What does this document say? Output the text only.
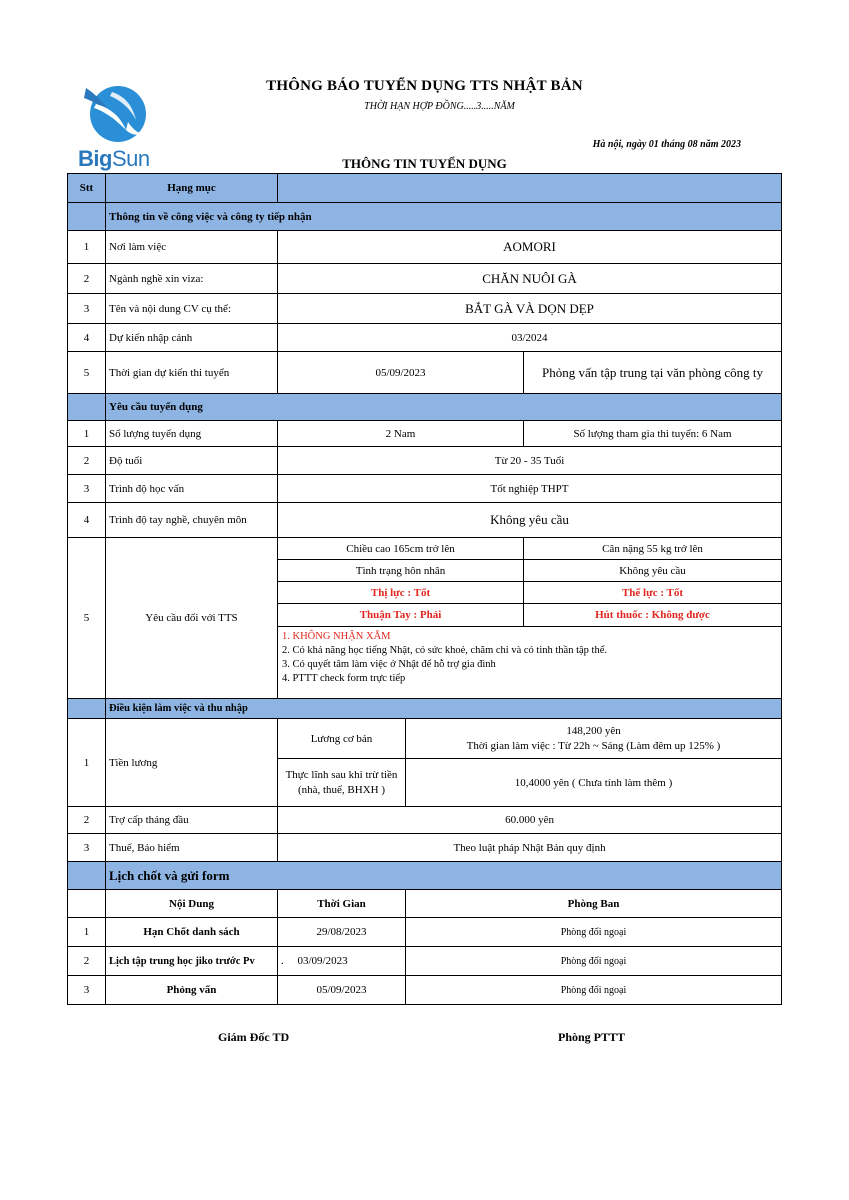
BigSun
THÔNG BÁO TUYỂN DỤNG TTS NHẬT BẢN
THỜI HẠN HỢP ĐỒNG.....3.....NĂM
Hà nội, ngày 01 tháng 08 năm 2023
THÔNG TIN TUYỂN DỤNG
Stt	Hạng mục			
	Thông tin về công việc và công ty tiếp nhận			
1	Nơi làm việc	AOMORI		
2	Ngành nghề xin viza:	CHĂN NUÔI GÀ		
3	Tên và nội dung CV cụ thể:	BẮT GÀ VÀ DỌN DẸP		
4	Dự kiến nhập cảnh	03/2024		
5	Thời gian dự kiến thi tuyển	05/09/2023		Phỏng vấn tập trung tại văn phòng công ty
	Yêu cầu tuyển dụng			
1	Số lượng tuyển dụng	2 Nam		Số lượng tham gia thi tuyển: 6 Nam
2	Độ tuổi	Từ 20 - 35 Tuổi		
3	Trình độ học vấn	Tốt nghiệp THPT		
4	Trình độ tay nghề, chuyên môn	Không yêu cầu		
5	Yêu cầu đối với TTS	Chiều cao 165cm trở lên		Cân nặng 55 kg trở lên
		Tình trạng hôn nhân		Không yêu cầu
		Thị lực : Tốt		Thể lực : Tốt
		Thuận Tay : Phải		Hút thuốc : Không được

		1. KHÔNG NHẬN XĂM
2. Có khả năng học tiếng Nhật, có sức khoẻ, chăm chỉ và có tinh thần tập thể.
3. Có quyết tâm làm việc ở Nhật để hỗ trợ gia đình
4. PTTT check form trực tiếp		

	Điều kiện làm việc và thu nhập			
1	Tiền lương	Lương cơ bản	148,200 yên
Thời gian làm việc : Từ 22h ~ Sáng (Làm đêm up 125% )	

		Thực lĩnh sau khi trừ tiền (nhà, thuế, BHXH )	10,4000 yên ( Chưa tính làm thêm )	
2	Trợ cấp tháng đầu	60.000 yên		
3	Thuế, Bảo hiểm	Theo luật pháp Nhật Bản quy định		
	Lịch chốt và gửi form			
	Nội Dung	Thời Gian	Phòng Ban	
1	Hạn Chốt danh sách	29/08/2023	Phòng đối ngoại	
2	Lịch tập trung học jiko trước Pv	.     03/09/2023	Phòng đối ngoại	
3	Phỏng vấn	05/09/2023	Phòng đối ngoại	
Giám Đốc TD	Phòng PTTT
